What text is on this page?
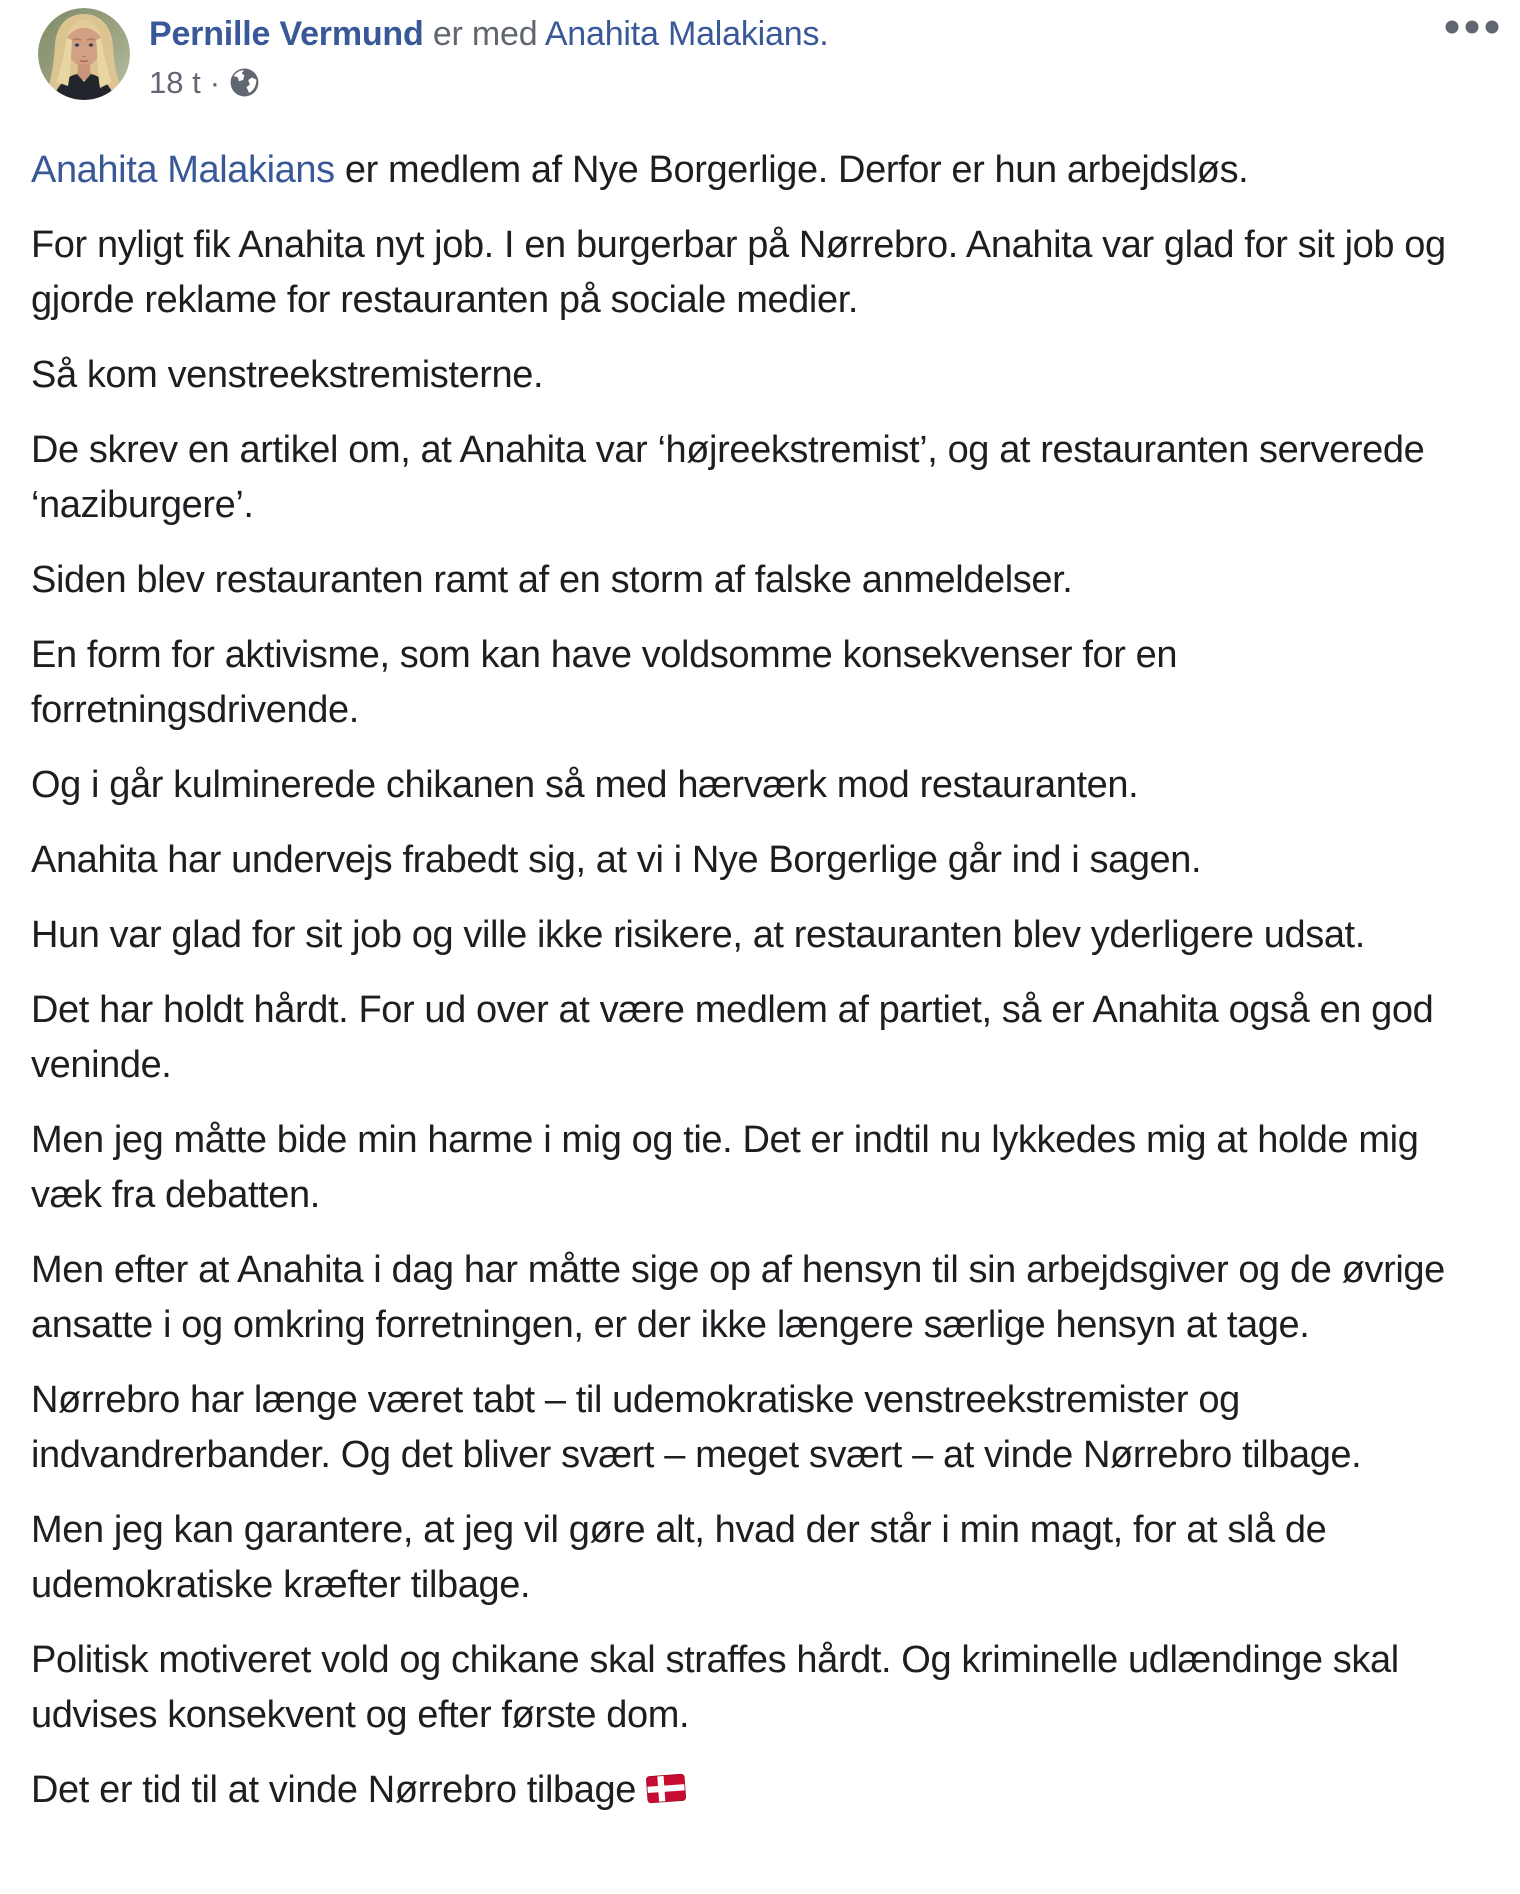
Pernille Vermund er med Anahita Malakians.
18 t ·

Anahita Malakians er medlem af Nye Borgerlige. Derfor er hun arbejdsløs.

For nyligt fik Anahita nyt job. I en burgerbar på Nørrebro. Anahita var glad for sit job og gjorde reklame for restauranten på sociale medier.

Så kom venstreekstremisterne.

De skrev en artikel om, at Anahita var ‘højreekstremist’, og at restauranten serverede ‘naziburgere’.

Siden blev restauranten ramt af en storm af falske anmeldelser.

En form for aktivisme, som kan have voldsomme konsekvenser for en forretningsdrivende.

Og i går kulminerede chikanen så med hærværk mod restauranten.

Anahita har undervejs frabedt sig, at vi i Nye Borgerlige går ind i sagen.

Hun var glad for sit job og ville ikke risikere, at restauranten blev yderligere udsat.

Det har holdt hårdt. For ud over at være medlem af partiet, så er Anahita også en god veninde.

Men jeg måtte bide min harme i mig og tie. Det er indtil nu lykkedes mig at holde mig væk fra debatten.

Men efter at Anahita i dag har måtte sige op af hensyn til sin arbejdsgiver og de øvrige ansatte i og omkring forretningen, er der ikke længere særlige hensyn at tage.

Nørrebro har længe været tabt – til udemokratiske venstreekstremister og indvandrerbander. Og det bliver svært – meget svært – at vinde Nørrebro tilbage.

Men jeg kan garantere, at jeg vil gøre alt, hvad der står i min magt, for at slå de udemokratiske kræfter tilbage.

Politisk motiveret vold og chikane skal straffes hårdt. Og kriminelle udlændinge skal udvises konsekvent og efter første dom.

Det er tid til at vinde Nørrebro tilbage
